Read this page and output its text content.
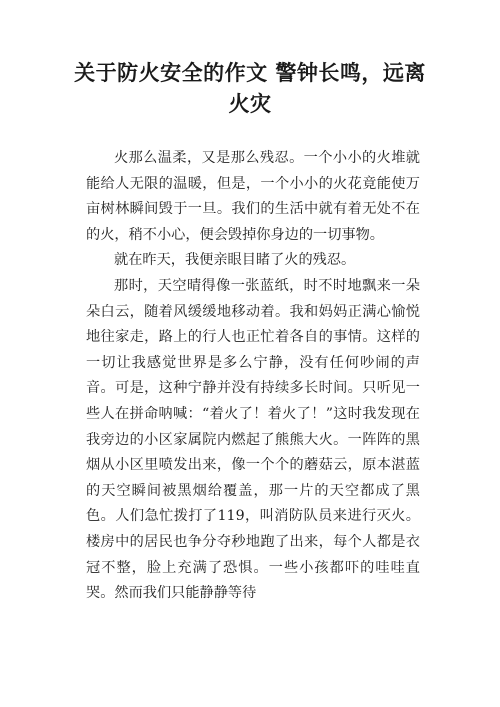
关于防火安全的作文 警钟长鸣，远离火灾

火那么温柔，又是那么残忍。一个小小的火堆就能给人无限的温暖，但是，一个小小的火花竟能使万亩树林瞬间毁于一旦。我们的生活中就有着无处不在的火，稍不小心，便会毁掉你身边的一切事物。

就在昨天，我便亲眼目睹了火的残忍。

那时，天空晴得像一张蓝纸，时不时地飘来一朵朵白云，随着风缓缓地移动着。我和妈妈正满心愉悦地往家走，路上的行人也正忙着各自的事情。这样的一切让我感觉世界是多么宁静，没有任何吵闹的声音。可是，这种宁静并没有持续多长时间。只听见一些人在拼命呐喊：“着火了！着火了！”这时我发现在我旁边的小区家属院内燃起了熊熊大火。一阵阵的黑烟从小区里喷发出来，像一个个的蘑菇云，原本湛蓝的天空瞬间被黑烟给覆盖，那一片的天空都成了黑色。人们急忙拨打了119，叫消防队员来进行灭火。楼房中的居民也争分夺秒地跑了出来，每个人都是衣冠不整，脸上充满了恐惧。一些小孩都吓的哇哇直哭。然而我们只能静静等待
